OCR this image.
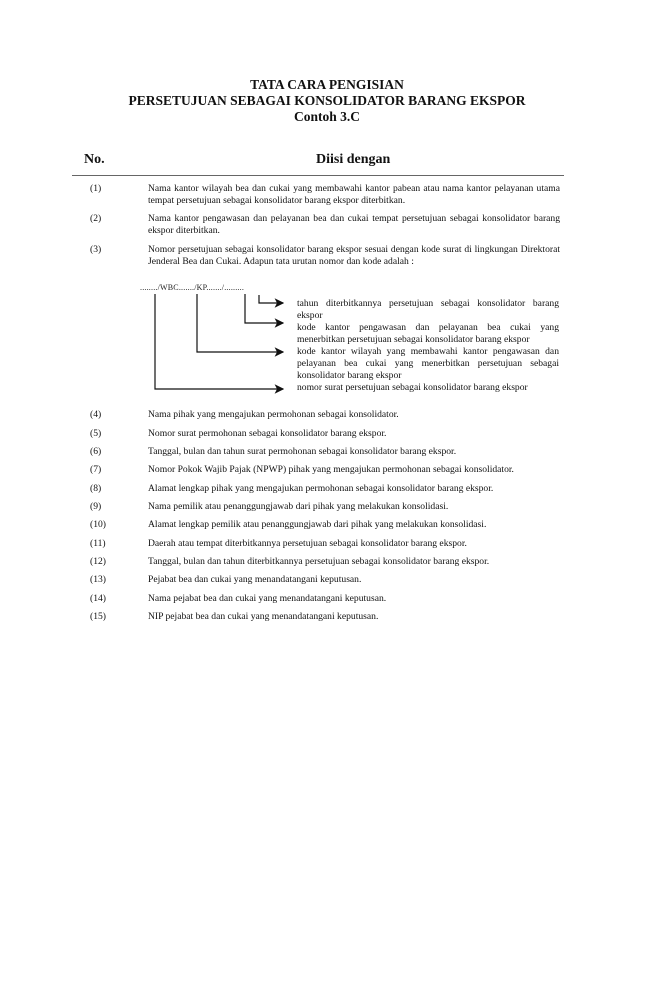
TATA CARA PENGISIAN
PERSETUJUAN SEBAGAI KONSOLIDATOR BARANG EKSPOR
Contoh 3.C
No.	Diisi dengan
(1)	Nama kantor wilayah bea dan cukai yang membawahi kantor pabean atau nama kantor pelayanan utama tempat persetujuan sebagai konsolidator barang ekspor diterbitkan.
(2)	Nama kantor pengawasan dan pelayanan bea dan cukai tempat persetujuan sebagai konsolidator barang ekspor diterbitkan.
(3)	Nomor persetujuan sebagai konsolidator barang ekspor sesuai dengan kode surat di lingkungan Direktorat Jenderal Bea dan Cukai. Adapun tata urutan nomor dan kode adalah :
......../WBC......./KP......./.........
tahun diterbitkannya persetujuan sebagai konsolidator barang ekspor
kode kantor pengawasan dan pelayanan bea cukai yang menerbitkan persetujuan sebagai konsolidator barang ekspor
kode kantor wilayah yang membawahi kantor pengawasan dan pelayanan bea cukai yang menerbitkan persetujuan sebagai konsolidator barang ekspor
nomor surat persetujuan sebagai konsolidator barang ekspor
(4)	Nama pihak yang mengajukan permohonan sebagai konsolidator.
(5)	Nomor surat permohonan sebagai konsolidator barang ekspor.
(6)	Tanggal, bulan dan tahun surat permohonan sebagai konsolidator barang ekspor.
(7)	Nomor Pokok Wajib Pajak (NPWP) pihak yang mengajukan permohonan sebagai konsolidator.
(8)	Alamat lengkap pihak yang mengajukan permohonan sebagai konsolidator barang ekspor.
(9)	Nama pemilik atau penanggungjawab dari pihak yang melakukan konsolidasi.
(10)	Alamat lengkap pemilik atau penanggungjawab dari pihak yang melakukan konsolidasi.
(11)	Daerah atau tempat diterbitkannya persetujuan sebagai konsolidator barang ekspor.
(12)	Tanggal, bulan dan tahun diterbitkannya persetujuan sebagai konsolidator barang ekspor.
(13)	Pejabat bea dan cukai yang menandatangani keputusan.
(14)	Nama pejabat bea dan cukai yang menandatangani keputusan.
(15)	NIP pejabat bea dan cukai yang menandatangani keputusan.
